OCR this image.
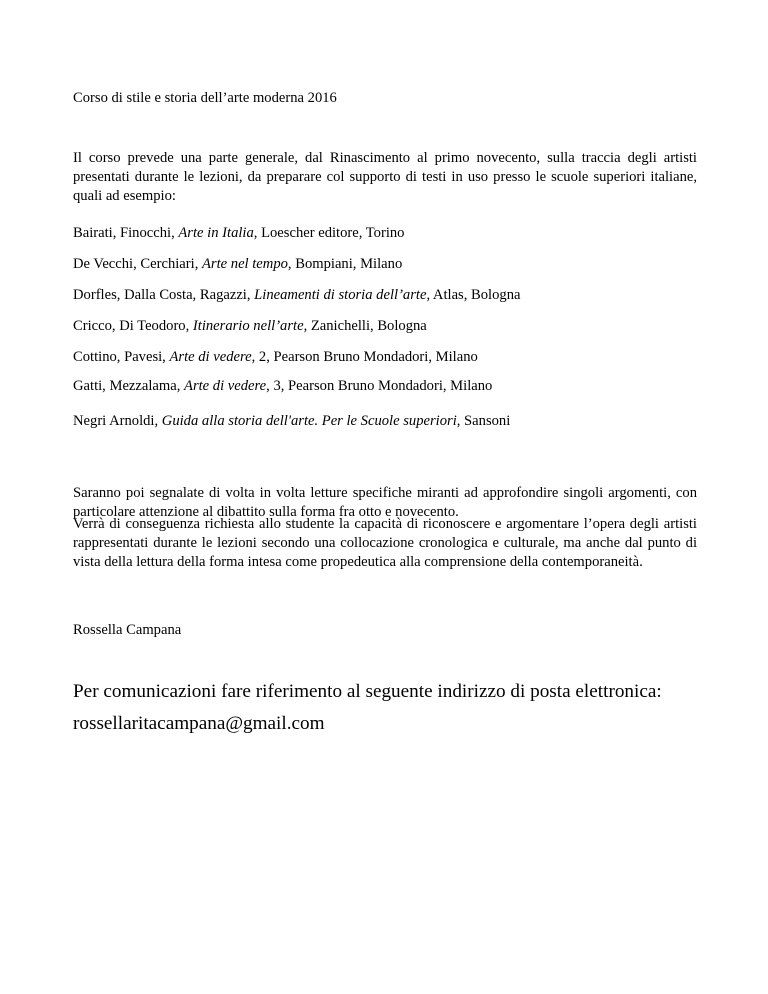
Corso di stile e storia dell’arte moderna 2016

Il corso prevede una parte generale, dal Rinascimento al primo novecento, sulla traccia degli artisti presentati durante le lezioni, da preparare col supporto di testi in uso presso le scuole superiori italiane, quali ad esempio:

Bairati, Finocchi, Arte in Italia, Loescher editore, Torino

De Vecchi, Cerchiari, Arte nel tempo, Bompiani, Milano

Dorfles, Dalla Costa, Ragazzi, Lineamenti di storia dell’arte, Atlas, Bologna

Cricco, Di Teodoro, Itinerario nell’arte, Zanichelli, Bologna

Cottino, Pavesi, Arte di vedere, 2, Pearson Bruno Mondadori, Milano

Gatti, Mezzalama, Arte di vedere, 3, Pearson Bruno Mondadori, Milano

Negri Arnoldi, Guida alla storia dell'arte. Per le Scuole superiori, Sansoni

Saranno poi segnalate di volta in volta letture specifiche miranti ad approfondire singoli argomenti, con particolare attenzione al dibattito sulla forma fra otto e novecento.

Verrà di conseguenza richiesta allo studente la capacità di riconoscere e argomentare l’opera degli artisti rappresentati durante le lezioni secondo una collocazione cronologica e culturale, ma anche dal punto di vista della lettura della forma intesa come propedeutica alla comprensione della contemporaneità.

Rossella Campana

Per comunicazioni fare riferimento al seguente indirizzo di posta elettronica:

rossellaritacampana@gmail.com
